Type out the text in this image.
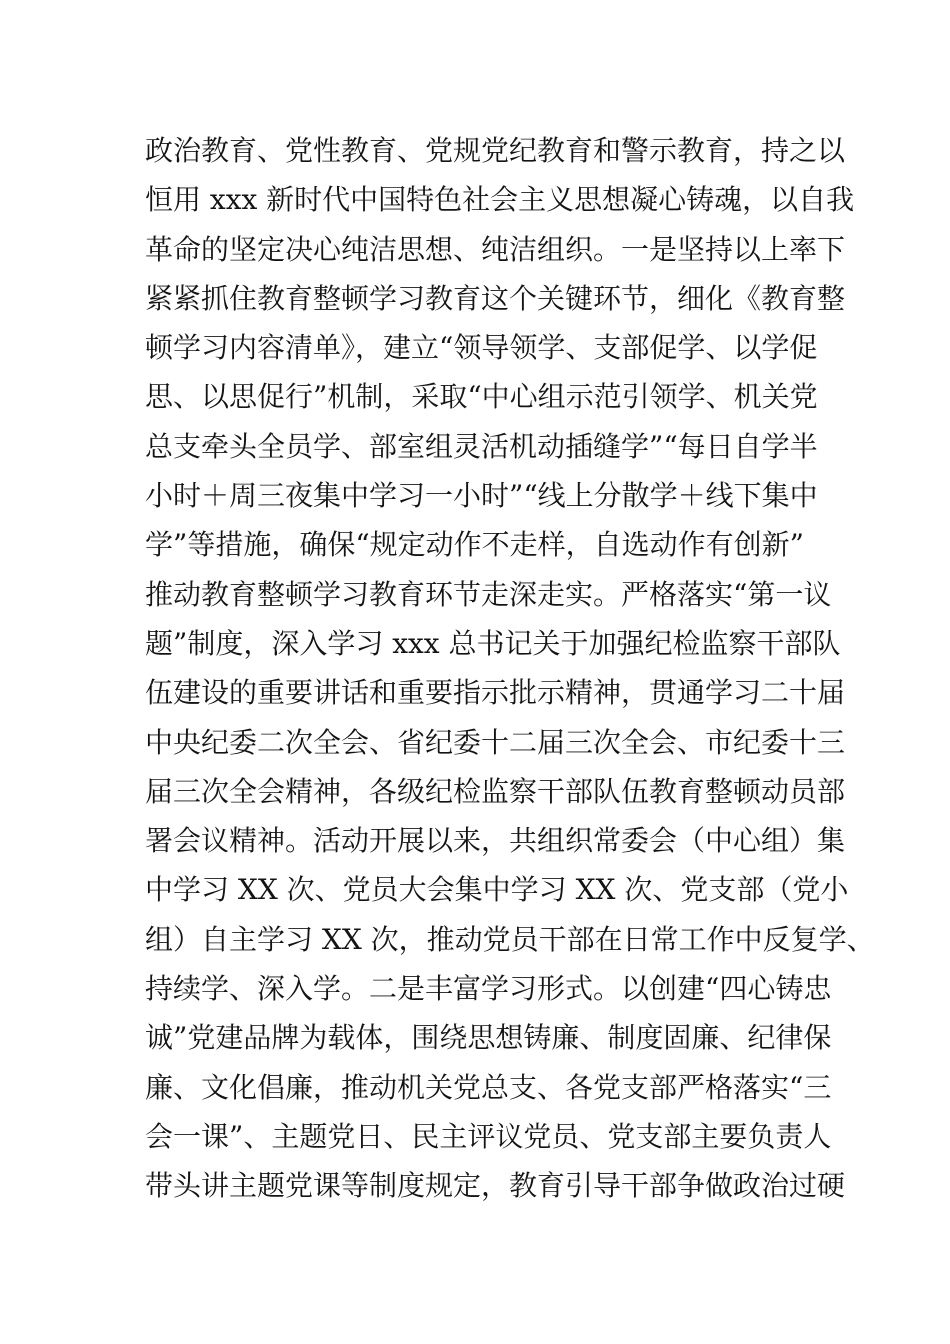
政治教育、党性教育、党规党纪教育和警示教育，持之以
恒用 xxx 新时代中国特色社会主义思想凝心铸魂，以自我
革命的坚定决心纯洁思想、纯洁组织。一是坚持以上率下
紧紧抓住教育整顿学习教育这个关键环节，细化《教育整
顿学习内容清单》，建立“领导领学、支部促学、以学促
思、以思促行”机制，采取“中心组示范引领学、机关党
总支牵头全员学、部室组灵活机动插缝学”“每日自学半
小时＋周三夜集中学习一小时”“线上分散学＋线下集中
学”等措施，确保“规定动作不走样，自选动作有创新”
推动教育整顿学习教育环节走深走实。严格落实“第一议
题”制度，深入学习 xxx 总书记关于加强纪检监察干部队
伍建设的重要讲话和重要指示批示精神，贯通学习二十届
中央纪委二次全会、省纪委十二届三次全会、市纪委十三
届三次全会精神，各级纪检监察干部队伍教育整顿动员部
署会议精神。活动开展以来，共组织常委会（中心组）集
中学习 XX 次、党员大会集中学习 XX 次、党支部（党小
组）自主学习 XX 次，推动党员干部在日常工作中反复学、
持续学、深入学。二是丰富学习形式。以创建“四心铸忠
诚”党建品牌为载体，围绕思想铸廉、制度固廉、纪律保
廉、文化倡廉，推动机关党总支、各党支部严格落实“三
会一课”、主题党日、民主评议党员、党支部主要负责人
带头讲主题党课等制度规定，教育引导干部争做政治过硬
